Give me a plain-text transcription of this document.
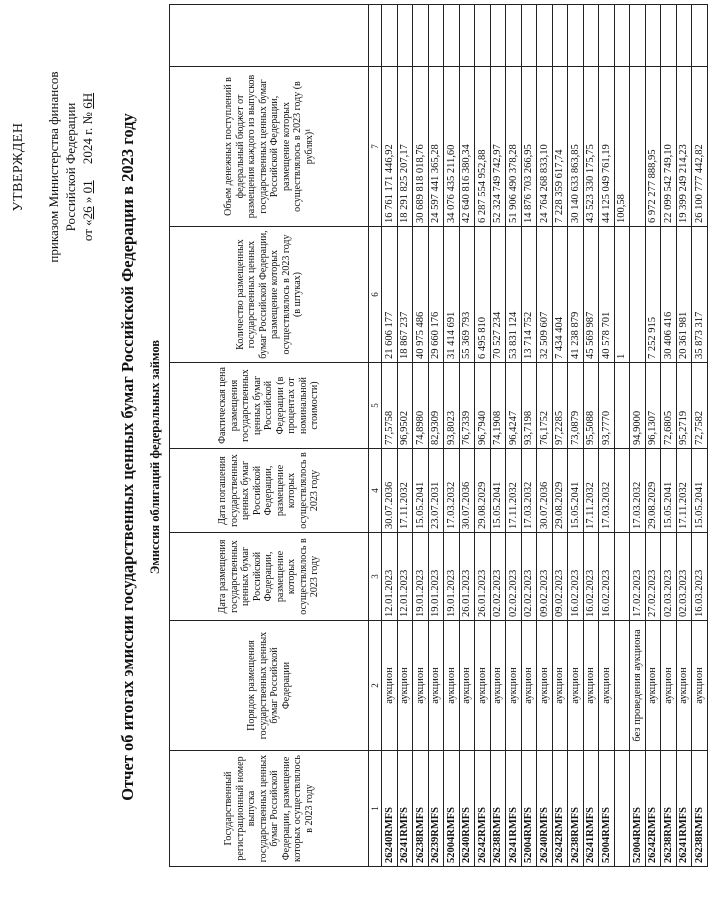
УТВЕРЖДЕН приказом Министерства финансов Российской Федерации
от «26 » 01     2024 г. № 6Н
Отчет об итогах эмиссии государственных ценных бумаг Российской Федерации в 2023 году Эмиссия облигаций федеральных займов
Государственный регистрационный номер выпуска государственных ценных бумаг Российской Федерации, размещение которых осуществлялось в 2023 году	Порядок размещения государственных ценных бумаг Российской Федерации	Дата размещения государственных ценных бумаг Российской Федерации, размещение которых осуществлялось в 2023 году	Дата погашения государственных ценных бумаг Российской Федерации, размещение которых осуществлялось в 2023 году	Фактическая цена размещения государственных ценных бумаг Российской Федерации (в процентах от номинальной стоимости)	Количество размещенных государственных ценных бумаг Российской Федерации, размещение которых осуществлялось в 2023 году (в штуках)	Объем денежных поступлений в федеральный бюджет от размещения каждого из выпусков государственных ценных бумаг Российской Федерации, размещение которых осуществлялось в 2023 году (в рублях)¹	
1	2	3	4	5	6	7	
26240RMFS	аукцион	12.01.2023	30.07.2036	77,5758	21 606 177	16 761 171 446,92	
26241RMFS	аукцион	12.01.2023	17.11.2032	96,9502	18 867 237	18 291 825 207,17	
26238RMFS	аукцион	19.01.2023	15.05.2041	74,8980	40 975 486	30 689 818 018,76	
26239RMFS	аукцион	19.01.2023	23.07.2031	82,9309	29 660 176	24 597 441 365,28	
52004RMFS	аукцион	19.01.2023	17.03.2032	93,8023	31 414 691	34 076 435 211,60	
26240RMFS	аукцион	26.01.2023	30.07.2036	76,7339	55 369 793	42 640 816 380,34	
26242RMFS	аукцион	26.01.2023	29.08.2029	96,7940	6 495 810	6 287 554 952,88	
26238RMFS	аукцион	02.02.2023	15.05.2041	74,1908	70 527 234	52 324 749 742,97	
26241RMFS	аукцион	02.02.2023	17.11.2032	96,4247	53 831 124	51 906 490 378,28	
52004RMFS	аукцион	02.02.2023	17.03.2032	93,7198	13 714 752	14 876 703 266,95	
26240RMFS	аукцион	09.02.2023	30.07.2036	76,1752	32 509 607	24 764 268 833,10	
26242RMFS	аукцион	09.02.2023	29.08.2029	97,2285	7 434 404	7 228 359 617,74	
26238RMFS	аукцион	16.02.2023	15.05.2041	73,0879	41 238 879	30 140 633 863,85	
26241RMFS	аукцион	16.02.2023	17.11.2032	95,5088	45 569 987	43 523 330 175,75	
52004RMFS	аукцион	16.02.2023	17.03.2032	93,7770	40 578 701	44 125 049 761,19	
					1	100,58	
52004RMFS	без проведения аукциона	17.02.2023	17.03.2032	94,9000			
26242RMFS	аукцион	27.02.2023	29.08.2029	96,1307	7 252 915	6 972 277 888,95	
26238RMFS	аукцион	02.03.2023	15.05.2041	72,6805	30 406 416	22 099 542 749,10	
26241RMFS	аукцион	02.03.2023	17.11.2032	95,2719	20 361 981	19 399 249 214,23	
26238RMFS	аукцион	16.03.2023	15.05.2041	72,7582	35 873 317	26 100 777 442,82	
